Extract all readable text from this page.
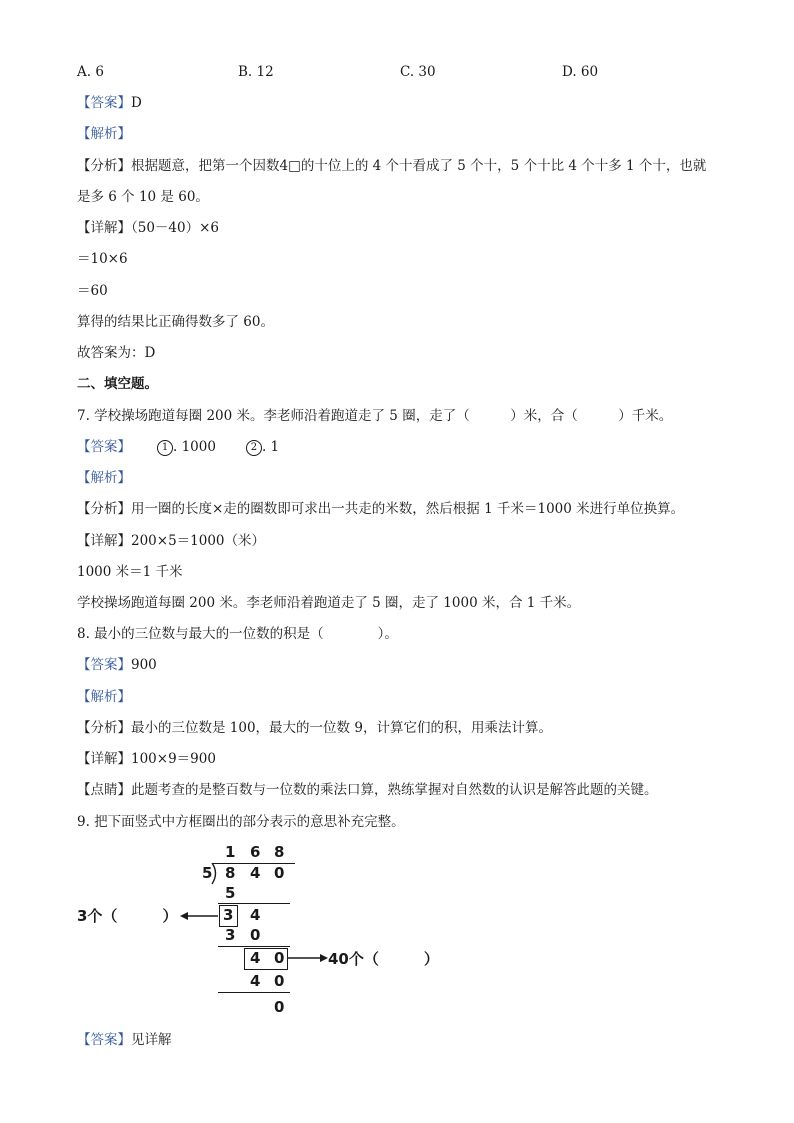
A. 6	B. 12	C. 30	D. 60
【答案】D
【解析】
【分析】根据题意，把第一个因数4□的十位上的 4 个十看成了 5 个十，5 个十比 4 个十多 1 个十，也就
是多 6 个 10 是 60。
【详解】（50－40）×6
＝10×6
＝60
算得的结果比正确得数多了 60。
故答案为：D
二、填空题。
7. 学校操场跑道每圈 200 米。李老师沿着跑道走了 5 圈，走了（　　　）米，合（　　　）千米。
【答案】	1 . 1000	2 . 1
【解析】
【分析】用一圈的长度×走的圈数即可求出一共走的米数，然后根据 1 千米＝1000 米进行单位换算。
【详解】200×5＝1000（米）
1000 米＝1 千米
学校操场跑道每圈 200 米。李老师沿着跑道走了 5 圈，走了 1000 米，合 1 千米。
8. 最小的三位数与最大的一位数的积是（　　　　）。
【答案】900
【解析】
【分析】最小的三位数是 100，最大的一位数 9，计算它们的积，用乘法计算。
【详解】100×9＝900
【点睛】此题考查的是整百数与一位数的乘法口算，熟练掌握对自然数的认识是解答此题的关键。
9. 把下面竖式中方框圈出的部分表示的意思补充完整。
1 6 8
5 8 4 0
5
3 4
3个（　　　）
3 0
4 0	40个（　　　）
4 0
0
【答案】见详解
